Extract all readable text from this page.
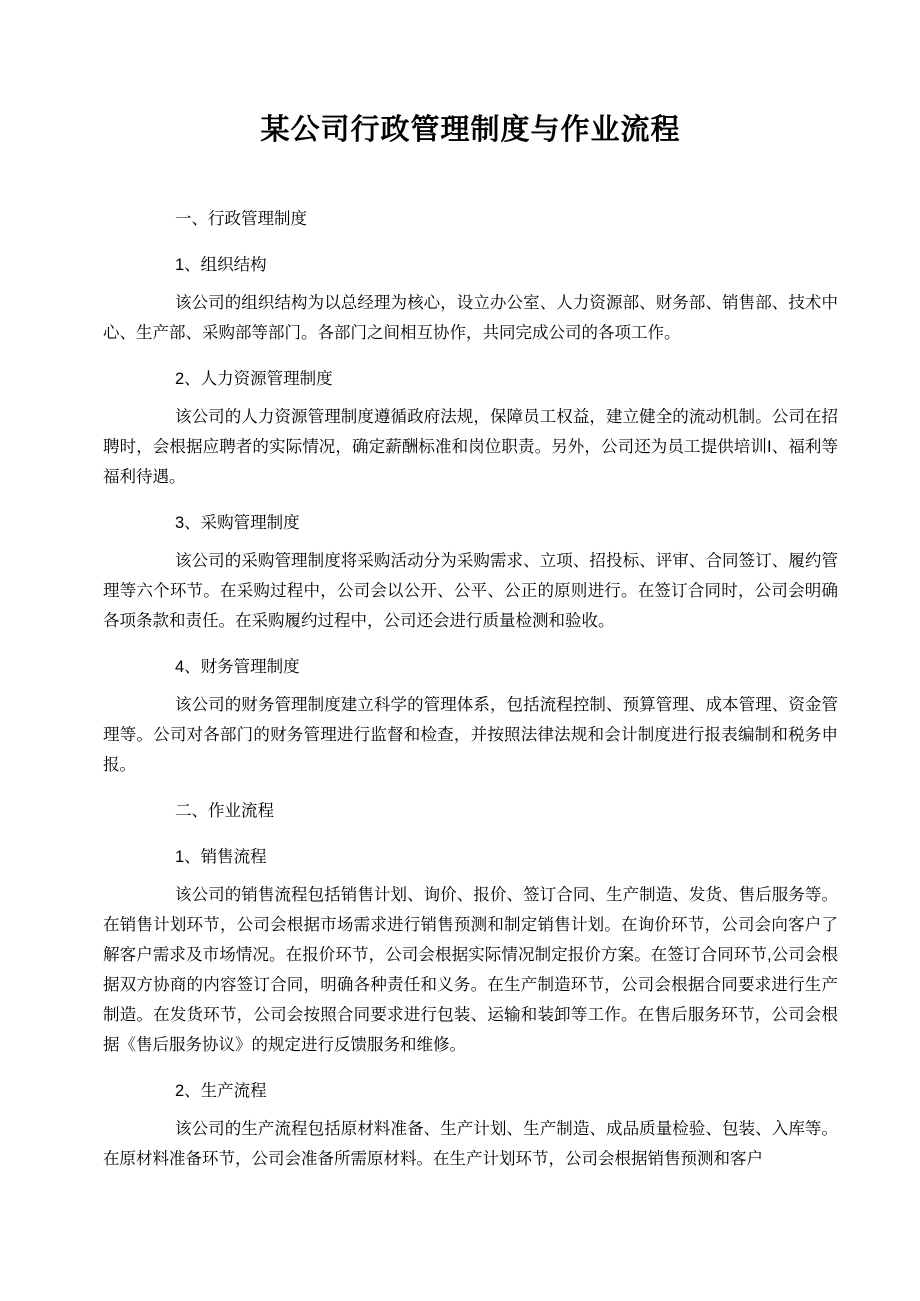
某公司行政管理制度与作业流程

一、行政管理制度

1、组织结构

该公司的组织结构为以总经理为核心，设立办公室、人力资源部、财务部、销售部、技术中心、生产部、采购部等部门。各部门之间相互协作，共同完成公司的各项工作。

2、人力资源管理制度

该公司的人力资源管理制度遵循政府法规，保障员工权益，建立健全的流动机制。公司在招聘时，会根据应聘者的实际情况，确定薪酬标准和岗位职责。另外，公司还为员工提供培训I、福利等福利待遇。

3、采购管理制度

该公司的采购管理制度将采购活动分为采购需求、立项、招投标、评审、合同签订、履约管理等六个环节。在采购过程中，公司会以公开、公平、公正的原则进行。在签订合同时，公司会明确各项条款和责任。在采购履约过程中，公司还会进行质量检测和验收。

4、财务管理制度

该公司的财务管理制度建立科学的管理体系，包括流程控制、预算管理、成本管理、资金管理等。公司对各部门的财务管理进行监督和检查，并按照法律法规和会计制度进行报表编制和税务申报。

二、作业流程

1、销售流程

该公司的销售流程包括销售计划、询价、报价、签订合同、生产制造、发货、售后服务等。在销售计划环节，公司会根据市场需求进行销售预测和制定销售计划。在询价环节，公司会向客户了解客户需求及市场情况。在报价环节，公司会根据实际情况制定报价方案。在签订合同环节,公司会根据双方协商的内容签订合同，明确各种责任和义务。在生产制造环节，公司会根据合同要求进行生产制造。在发货环节，公司会按照合同要求进行包装、运输和装卸等工作。在售后服务环节，公司会根据《售后服务协议》的规定进行反馈服务和维修。

2、生产流程

该公司的生产流程包括原材料准备、生产计划、生产制造、成品质量检验、包装、入库等。在原材料准备环节，公司会准备所需原材料。在生产计划环节，公司会根据销售预测和客户
